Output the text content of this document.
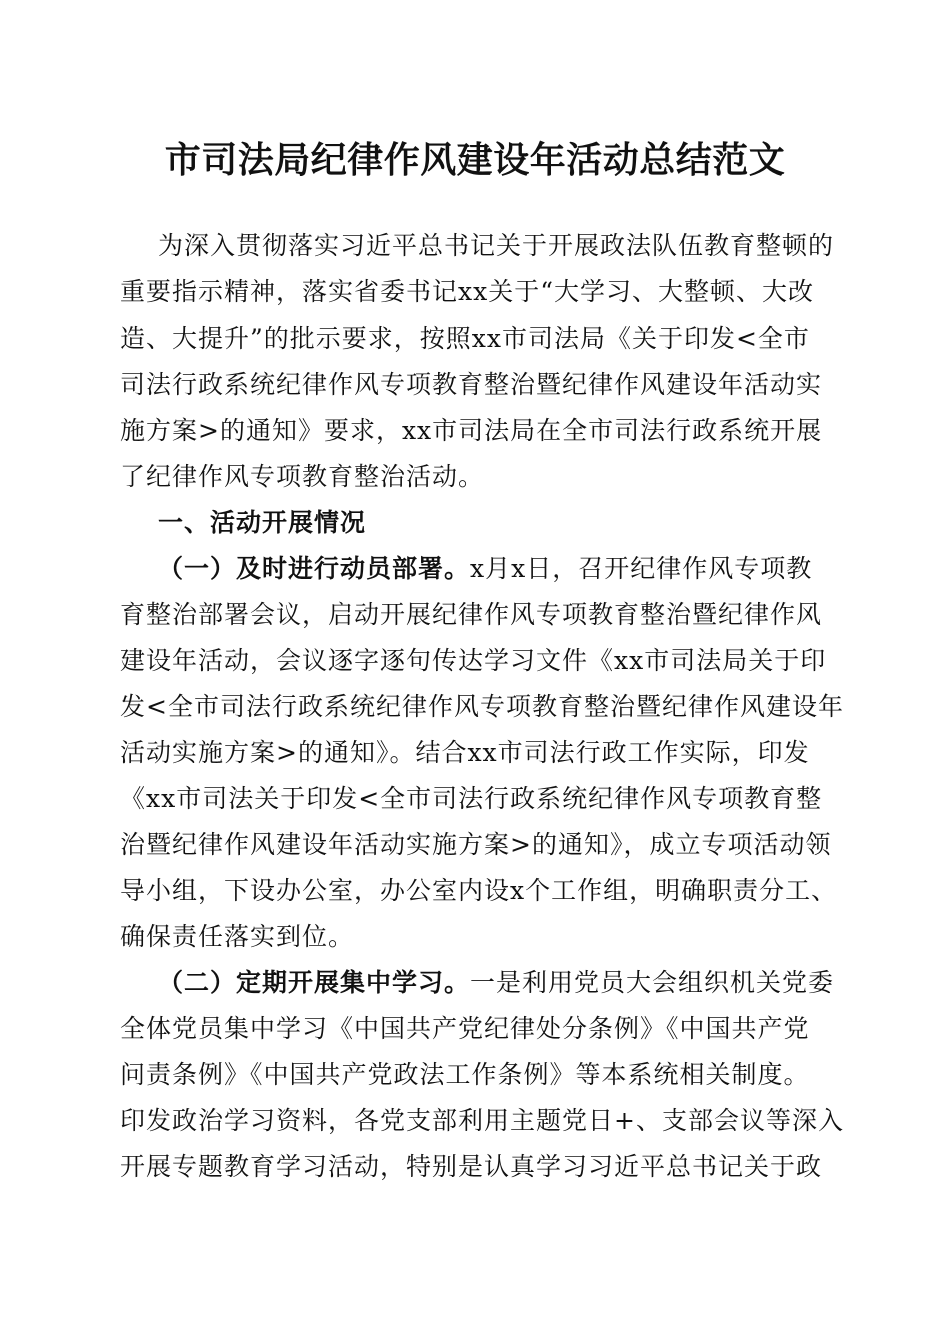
市司法局纪律作风建设年活动总结范文
为深入贯彻落实习近平总书记关于开展政法队伍教育整顿的
重要指示精神，落实省委书记xx关于“大学习、大整顿、大改
造、大提升”的批示要求，按照xx市司法局《关于印发<全市
司法行政系统纪律作风专项教育整治暨纪律作风建设年活动实
施方案>的通知》要求，xx市司法局在全市司法行政系统开展
了纪律作风专项教育整治活动。
一、活动开展情况
（一）及时进行动员部署。x月x日，召开纪律作风专项教
育整治部署会议，启动开展纪律作风专项教育整治暨纪律作风
建设年活动，会议逐字逐句传达学习文件《xx市司法局关于印
发<全市司法行政系统纪律作风专项教育整治暨纪律作风建设年
活动实施方案>的通知》。结合xx市司法行政工作实际，印发
《xx市司法关于印发<全市司法行政系统纪律作风专项教育整
治暨纪律作风建设年活动实施方案>的通知》，成立专项活动领
导小组，下设办公室，办公室内设x个工作组，明确职责分工、
确保责任落实到位。
（二）定期开展集中学习。一是利用党员大会组织机关党委
全体党员集中学习《中国共产党纪律处分条例》《中国共产党
问责条例》《中国共产党政法工作条例》等本系统相关制度。
印发政治学习资料，各党支部利用主题党日+、支部会议等深入
开展专题教育学习活动，特别是认真学习习近平总书记关于政
